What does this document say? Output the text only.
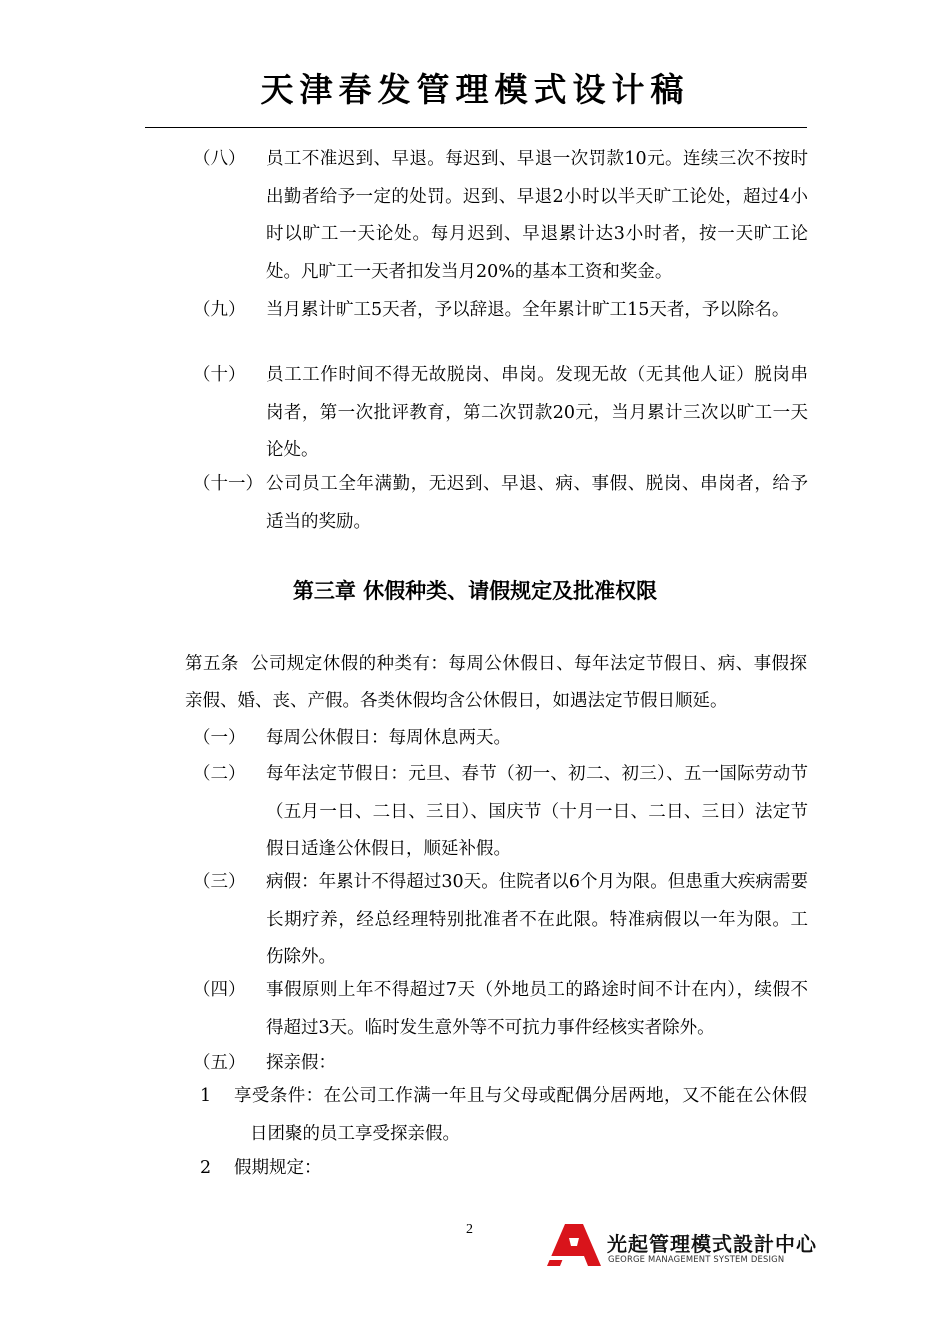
天津春发管理模式设计稿
（八） 员工不准迟到、早退。每迟到、早退一次罚款10元。连续三次不按时出勤者给予一定的处罚。迟到、早退2小时以半天旷工论处，超过4小时以旷工一天论处。每月迟到、早退累计达3小时者，按一天旷工论处。凡旷工一天者扣发当月20%的基本工资和奖金。
（九） 当月累计旷工5天者，予以辞退。全年累计旷工15天者，予以除名。
（十） 员工工作时间不得无故脱岗、串岗。发现无故（无其他人证）脱岗串岗者，第一次批评教育，第二次罚款20元，当月累计三次以旷工一天论处。
（十一） 公司员工全年满勤，无迟到、早退、病、事假、脱岗、串岗者，给予适当的奖励。
第三章 休假种类、请假规定及批准权限
第五条 公司规定休假的种类有：每周公休假日、每年法定节假日、病、事假探亲假、婚、丧、产假。各类休假均含公休假日，如遇法定节假日顺延。
（一） 每周公休假日：每周休息两天。
（二） 每年法定节假日：元旦、春节（初一、初二、初三）、五一国际劳动节（五月一日、二日、三日）、国庆节（十月一日、二日、三日）法定节假日适逢公休假日，顺延补假。
（三） 病假：年累计不得超过30天。住院者以6个月为限。但患重大疾病需要长期疗养，经总经理特别批准者不在此限。特准病假以一年为限。工伤除外。
（四） 事假原则上年不得超过7天（外地员工的路途时间不计在内），续假不得超过3天。临时发生意外等不可抗力事件经核实者除外。
（五） 探亲假：
1	享受条件：在公司工作满一年且与父母或配偶分居两地，又不能在公休假日团聚的员工享受探亲假。
2	假期规定：
2
光起管理模式設計中心
GEORGE MANAGEMENT SYSTEM DESIGN
